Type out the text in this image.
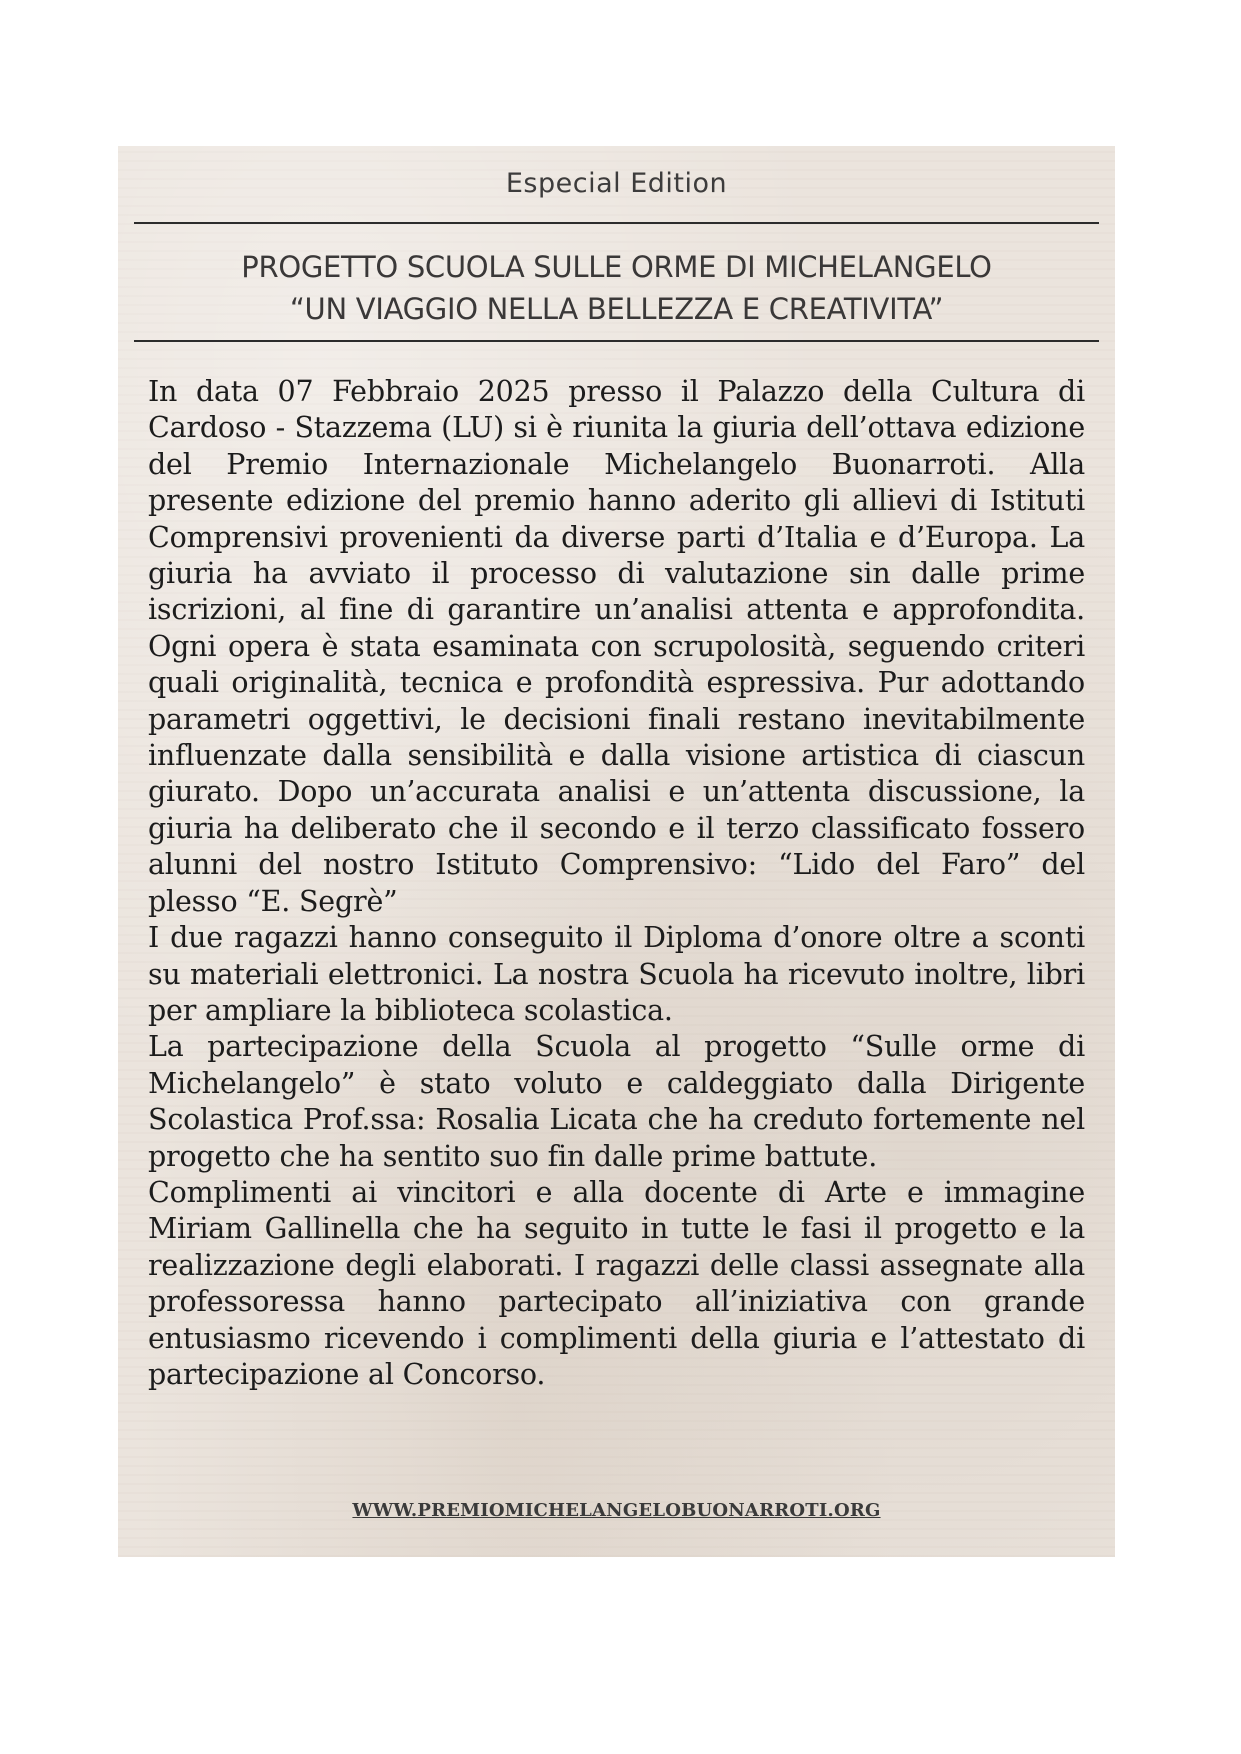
Especial Edition
PROGETTO SCUOLA SULLE ORME DI MICHELANGELO
“UN VIAGGIO NELLA BELLEZZA E CREATIVITA”

In data 07 Febbraio 2025 presso il Palazzo della Cultura di Cardoso - Stazzema (LU) si è riunita la giuria dell’ottava edizione del Premio Internazionale Michelangelo Buonarroti. Alla presente edizione del premio hanno aderito gli allievi di Istituti Comprensivi provenienti da diverse parti d’Italia e d’Europa. La giuria ha avviato il processo di valutazione sin dalle prime iscrizioni, al fine di garantire un’analisi attenta e approfondita. Ogni opera è stata esaminata con scrupolosità, seguendo criteri quali originalità, tecnica e profondità espressiva. Pur adottando parametri oggettivi, le decisioni finali restano inevitabilmente influenzate dalla sensibilità e dalla visione artistica di ciascun giurato. Dopo un’accurata analisi e un’attenta discussione, la giuria ha deliberato che il secondo e il terzo classificato fossero alunni del nostro Istituto Comprensivo: “Lido del Faro” del plesso “E. Segrè”

I due ragazzi hanno conseguito il Diploma d’onore oltre a sconti su materiali elettronici. La nostra Scuola ha ricevuto inoltre, libri per ampliare la biblioteca scolastica.

La partecipazione della Scuola al progetto “Sulle orme di Michelangelo” è stato voluto e caldeggiato dalla Dirigente Scolastica Prof.ssa: Rosalia Licata che ha creduto fortemente nel progetto che ha sentito suo fin dalle prime battute.

Complimenti ai vincitori e alla docente di Arte e immagine Miriam Gallinella che ha seguito in tutte le fasi il progetto e la realizzazione degli elaborati. I ragazzi delle classi assegnate alla professoressa hanno partecipato all’iniziativa con grande entusiasmo ricevendo i complimenti della giuria e l’attestato di partecipazione al Concorso.

WWW.PREMIOMICHELANGELOBUONARROTI.ORG
